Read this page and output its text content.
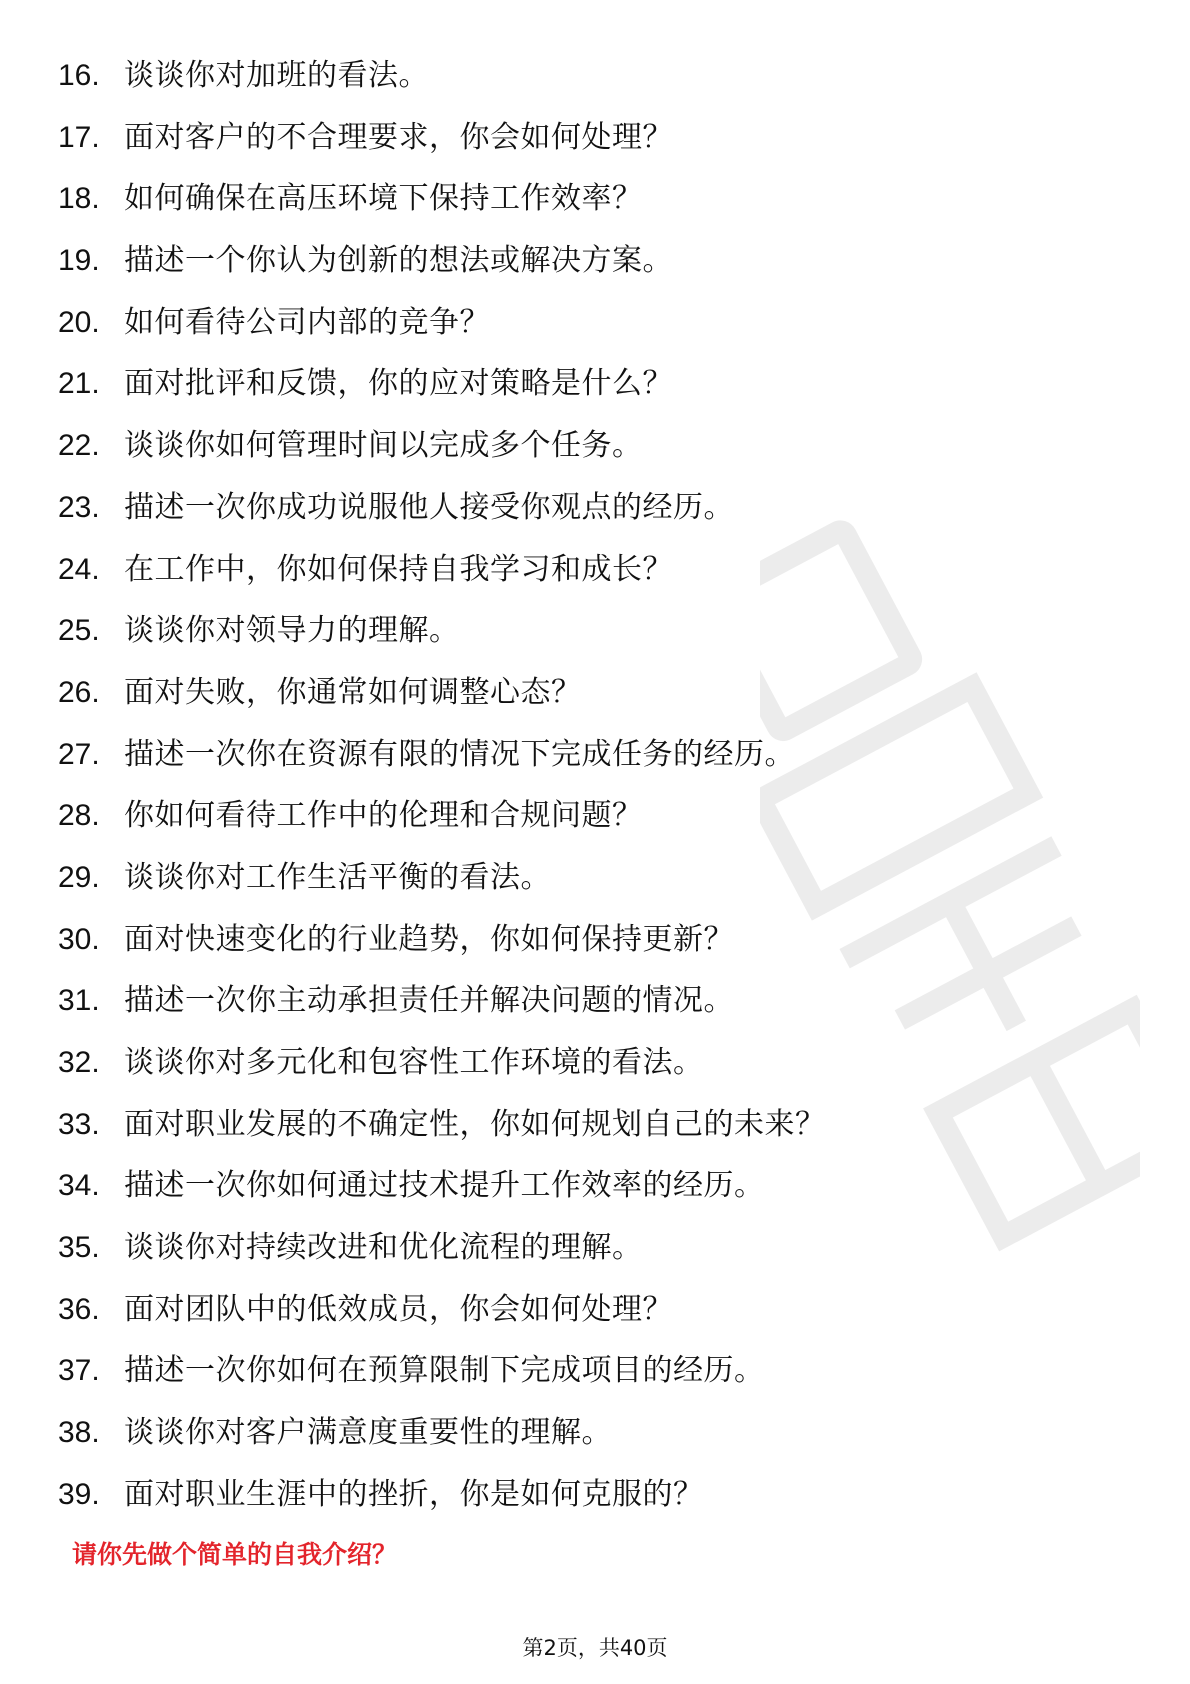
16. 谈谈你对加班的看法。
17. 面对客户的不合理要求，你会如何处理？
18. 如何确保在高压环境下保持工作效率？
19. 描述一个你认为创新的想法或解决方案。
20. 如何看待公司内部的竞争？
21. 面对批评和反馈，你的应对策略是什么？
22. 谈谈你如何管理时间以完成多个任务。
23. 描述一次你成功说服他人接受你观点的经历。
24. 在工作中，你如何保持自我学习和成长？
25. 谈谈你对领导力的理解。
26. 面对失败，你通常如何调整心态？
27. 描述一次你在资源有限的情况下完成任务的经历。
28. 你如何看待工作中的伦理和合规问题？
29. 谈谈你对工作生活平衡的看法。
30. 面对快速变化的行业趋势，你如何保持更新？
31. 描述一次你主动承担责任并解决问题的情况。
32. 谈谈你对多元化和包容性工作环境的看法。
33. 面对职业发展的不确定性，你如何规划自己的未来？
34. 描述一次你如何通过技术提升工作效率的经历。
35. 谈谈你对持续改进和优化流程的理解。
36. 面对团队中的低效成员，你会如何处理？
37. 描述一次你如何在预算限制下完成项目的经历。
38. 谈谈你对客户满意度重要性的理解。
39. 面对职业生涯中的挫折，你是如何克服的？

请你先做个简单的自我介绍？

第2页，共40页
